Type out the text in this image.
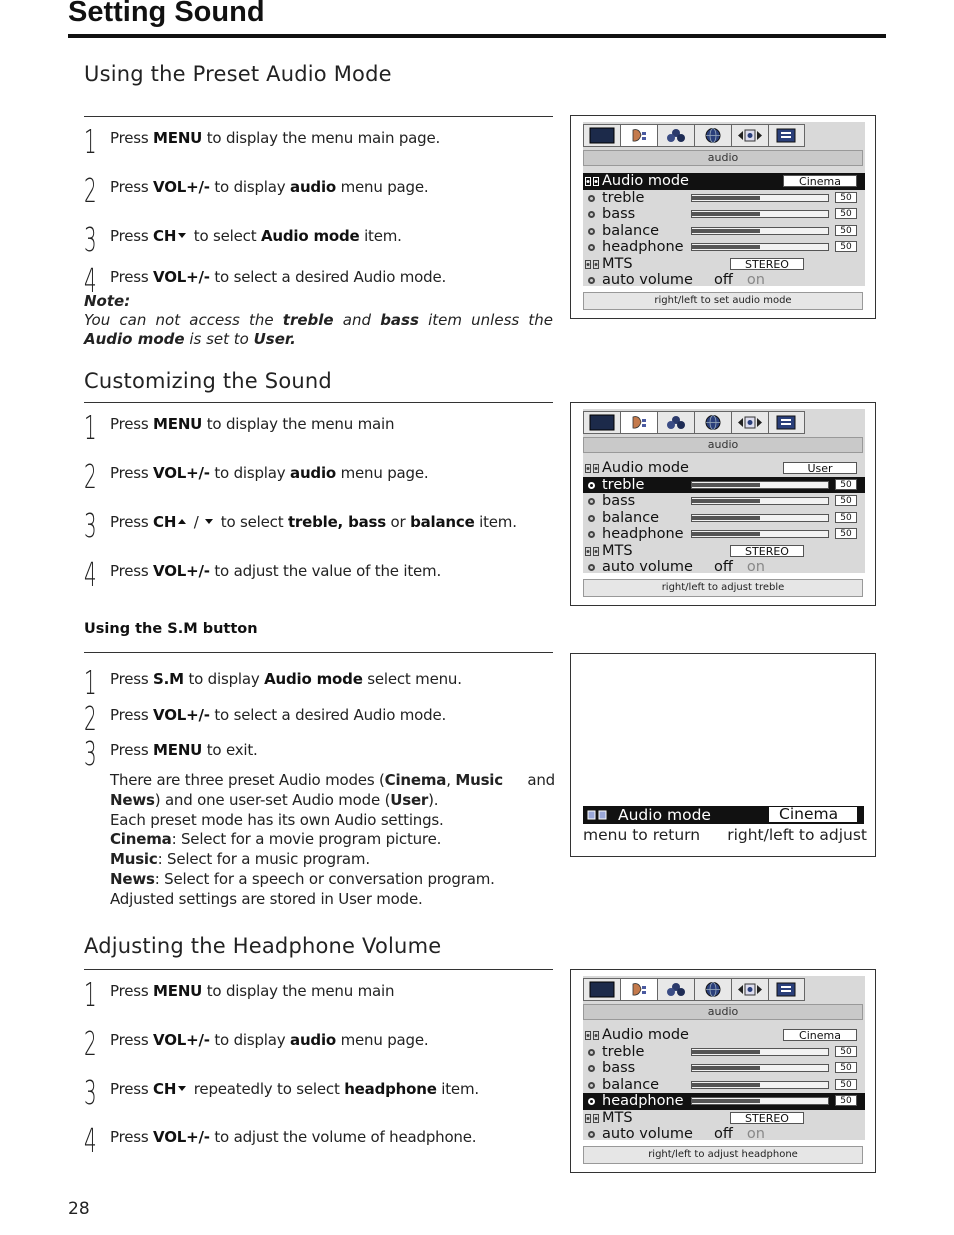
Setting Sound
Using the Preset Audio Mode
1 Press MENU to display the menu main page.
2 Press VOL+/- to display audio menu page.
3 Press CH to select Audio mode item.
4 Press VOL+/- to select a desired Audio mode.
Note:
You can not access the treble and bass item unless the
Audio mode is set to User.
audio
Audio mode	Cinema
treble	50
bass	50
balance	50
headphone	50
MTS	STEREO
auto volume off on
right/left to set audio mode
Customizing the Sound
1 Press MENU to display the menu main
2 Press VOL+/- to display audio menu page.
3 Press CH /  to select treble, bass or balance item.
4 Press VOL+/- to adjust the value of the item.
audio
Audio mode	User
treble	50
bass	50
balance	50
headphone	50
MTS	STEREO
auto volume off on
right/left to adjust treble
Using the S.M button
1 Press S.M to display Audio mode select menu.
2 Press VOL+/- to select a desired Audio mode.
3 Press MENU to exit.
There are three preset Audio modes (Cinema, Music and
News) and one user-set Audio mode (User).
Each preset mode has its own Audio settings.
Cinema: Select for a movie program picture.
Music: Select for a music program.
News: Select for a speech or conversation program.
Adjusted settings are stored in User mode.
Audio mode	Cinema
menu to return right/left to adjust
Adjusting the Headphone Volume
1 Press MENU to display the menu main
2 Press VOL+/- to display audio menu page.
3 Press CH repeatedly to select headphone item.
4 Press VOL+/- to adjust the volume of headphone.
audio
Audio mode	Cinema
treble	50
bass	50
balance	50
headphone	50
MTS	STEREO
auto volume off on
right/left to adjust headphone
28
